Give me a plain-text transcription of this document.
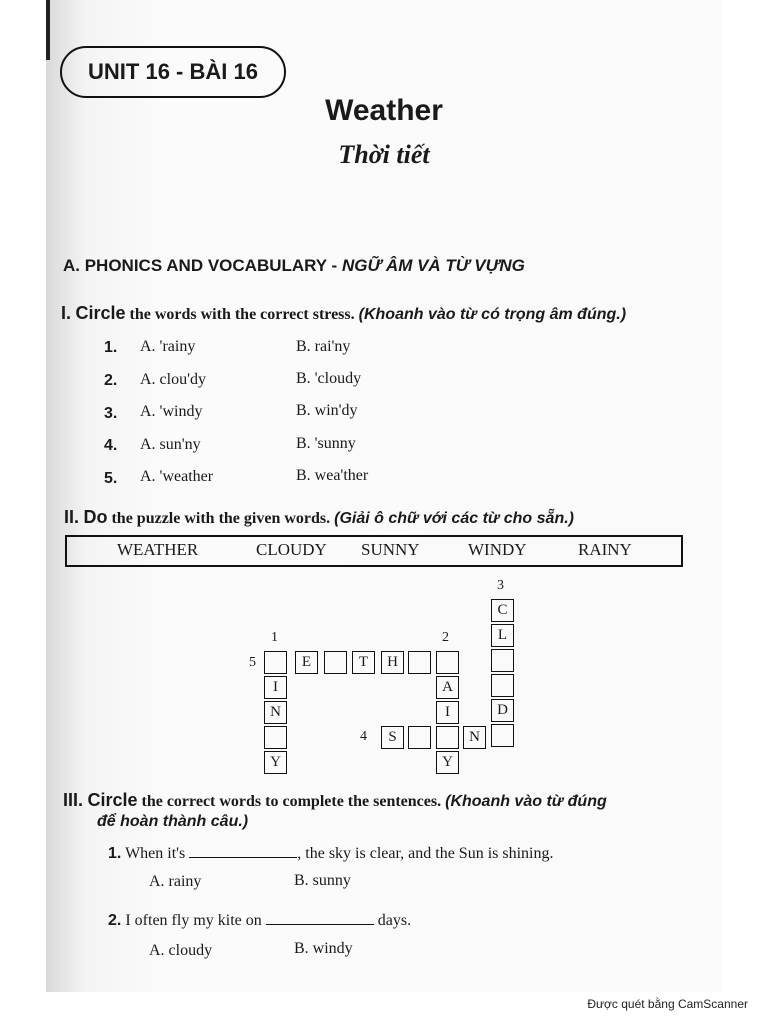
UNIT 16 - BÀI 16
Weather
Thời tiết
A. PHONICS AND VOCABULARY - NGỮ ÂM VÀ TỪ VỰNG
I. Circle the words with the correct stress. (Khoanh vào từ có trọng âm đúng.)
1. A. 'rainy	B. rai'ny
2. A. clou'dy	B. 'cloudy
3. A. 'windy	B. win'dy
4. A. sun'ny	B. 'sunny
5. A. 'weather	B. wea'ther
II. Do the puzzle with the given words. (Giải ô chữ với các từ cho sẵn.)
WEATHER	CLOUDY SUNNY	WINDY	RAINY
3
1	2
5
4
C
L
D
E	T	H
I
N
Y
A
I
Y
S	N
III. Circle the correct words to complete the sentences. (Khoanh vào từ đúng
để hoàn thành câu.)
1. When it's	, the sky is clear, and the Sun is shining.
A. rainy	B. sunny
2. I often fly my kite on	days.
A. cloudy	B. windy
Được quét bằng CamScanner
